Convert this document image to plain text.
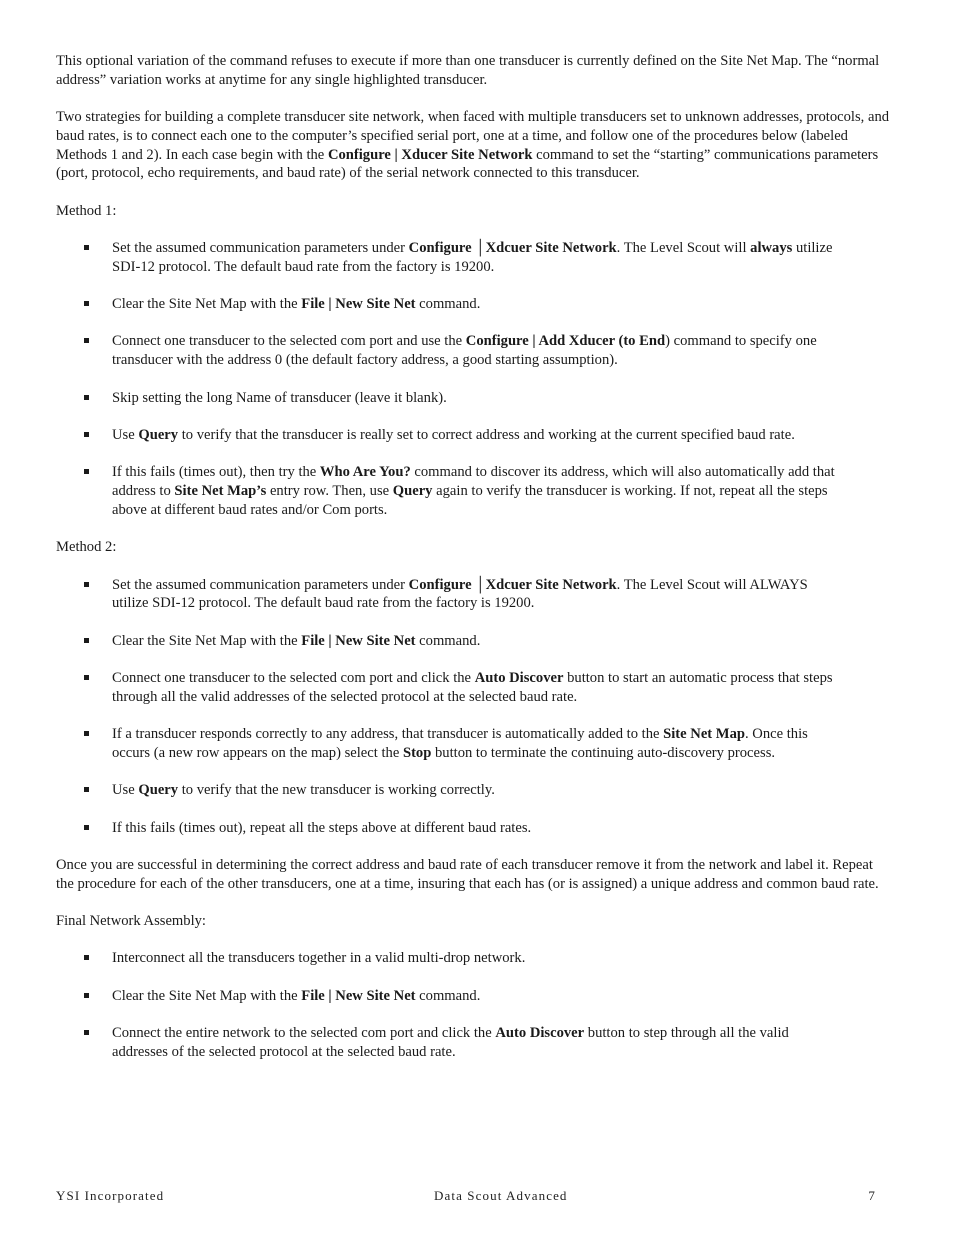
This optional variation of the command refuses to execute if more than one transducer is currently defined on the Site Net Map. The “normal address” variation works at anytime for any single highlighted transducer.

Two strategies for building a complete transducer site network, when faced with multiple transducers set to unknown addresses, protocols, and baud rates, is to connect each one to the computer’s specified serial port, one at a time, and follow one of the procedures below (labeled Methods 1 and 2). In each case begin with the Configure | Xducer Site Network command to set the “starting” communications parameters (port, protocol, echo requirements, and baud rate) of the serial network connected to this transducer.

Method 1:

Set the assumed communication parameters under Configure │Xdcuer Site Network. The Level Scout will always utilize SDI-12 protocol. The default baud rate from the factory is 19200.
Clear the Site Net Map with the File | New Site Net command.
Connect one transducer to the selected com port and use the Configure | Add Xducer (to End) command to specify one transducer with the address 0 (the default factory address, a good starting assumption).
Skip setting the long Name of transducer (leave it blank).
Use Query to verify that the transducer is really set to correct address and working at the current specified baud rate.
If this fails (times out), then try the Who Are You? command to discover its address, which will also automatically add that address to Site Net Map’s entry row. Then, use Query again to verify the transducer is working. If not, repeat all the steps above at different baud rates and/or Com ports.

Method 2:

Set the assumed communication parameters under Configure │Xdcuer Site Network. The Level Scout will ALWAYS utilize SDI-12 protocol. The default baud rate from the factory is 19200.
Clear the Site Net Map with the File | New Site Net command.
Connect one transducer to the selected com port and click the Auto Discover button to start an automatic process that steps through all the valid addresses of the selected protocol at the selected baud rate.
If a transducer responds correctly to any address, that transducer is automatically added to the Site Net Map. Once this occurs (a new row appears on the map) select the Stop button to terminate the continuing auto-discovery process.
Use Query to verify that the new transducer is working correctly.
If this fails (times out), repeat all the steps above at different baud rates.

Once you are successful in determining the correct address and baud rate of each transducer remove it from the network and label it. Repeat the procedure for each of the other transducers, one at a time, insuring that each has (or is assigned) a unique address and common baud rate.

Final Network Assembly:

Interconnect all the transducers together in a valid multi-drop network.
Clear the Site Net Map with the File | New Site Net command.
Connect the entire network to the selected com port and click the Auto Discover button to step through all the valid addresses of the selected protocol at the selected baud rate.
YSI Incorporated	Data Scout Advanced	7
